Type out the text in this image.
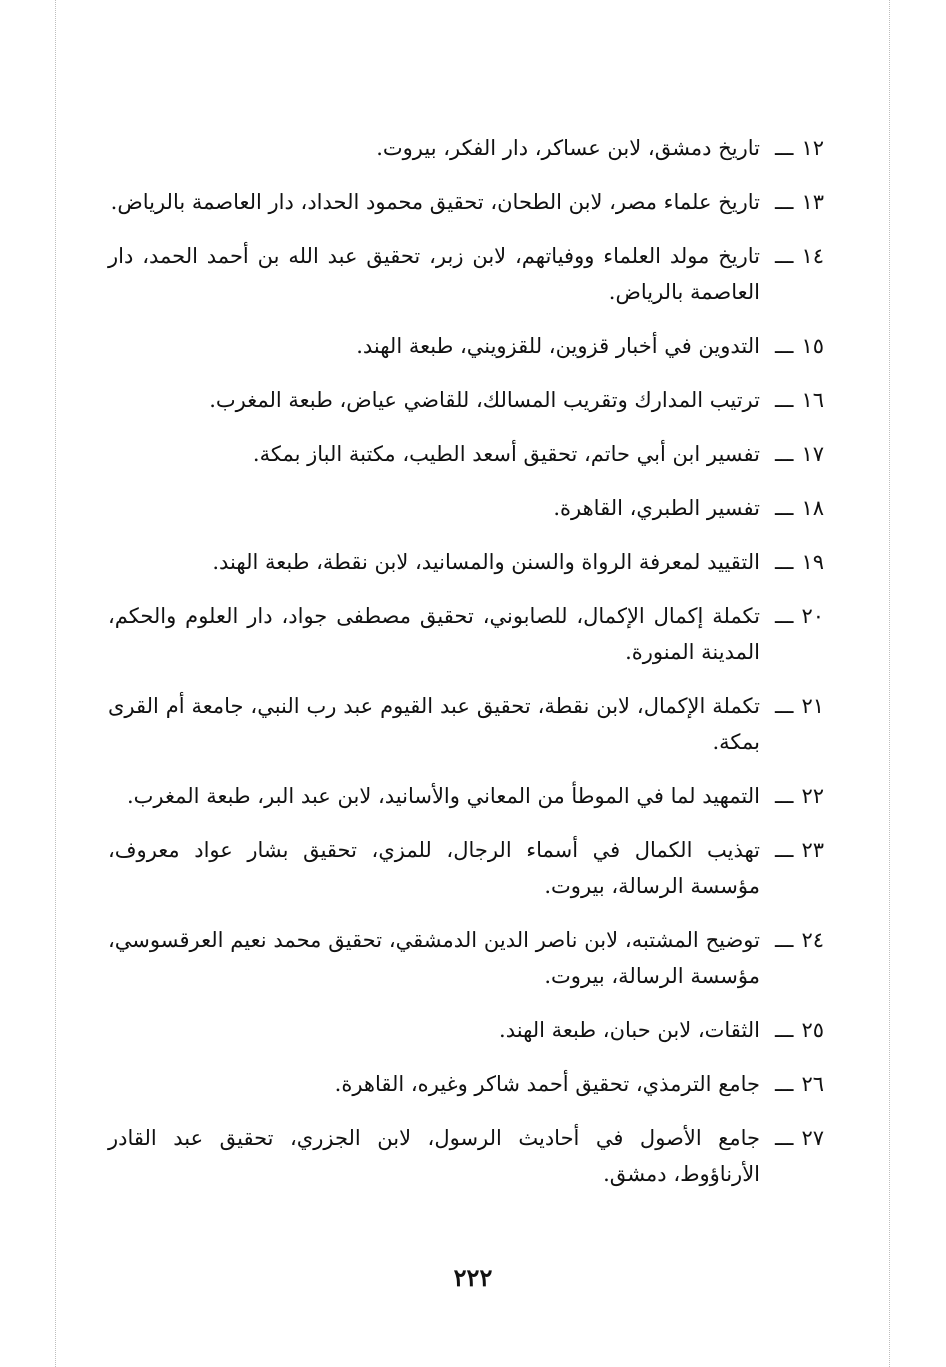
١٢ـــ
تاريخ دمشق، لابن عساكر، دار الفكر، بيروت.
١٣ـــ
تاريخ علماء مصر، لابن الطحان، تحقيق محمود الحداد، دار العاصمة بالرياض.
١٤ـــ
تاريخ مولد العلماء ووفياتهم، لابن زبر، تحقيق عبد الله بن أحمد الحمد، دار العاصمة بالرياض.
١٥ـــ
التدوين في أخبار قزوين، للقزويني، طبعة الهند.
١٦ـــ
ترتيب المدارك وتقريب المسالك، للقاضي عياض، طبعة المغرب.
١٧ـــ
تفسير ابن أبي حاتم، تحقيق أسعد الطيب، مكتبة الباز بمكة.
١٨ـــ
تفسير الطبري، القاهرة.
١٩ـــ
التقييد لمعرفة الرواة والسنن والمسانيد، لابن نقطة، طبعة الهند.
٢٠ـــ
تكملة إكمال الإكمال، للصابوني، تحقيق مصطفى جواد، دار العلوم والحكم، المدينة المنورة.
٢١ـــ
تكملة الإكمال، لابن نقطة، تحقيق عبد القيوم عبد رب النبي، جامعة أم القرى بمكة.
٢٢ـــ
التمهيد لما في الموطأ من المعاني والأسانيد، لابن عبد البر، طبعة المغرب.
٢٣ـــ
تهذيب الكمال في أسماء الرجال، للمزي، تحقيق بشار عواد معروف، مؤسسة الرسالة، بيروت.
٢٤ـــ
توضيح المشتبه، لابن ناصر الدين الدمشقي، تحقيق محمد نعيم العرقسوسي، مؤسسة الرسالة، بيروت.
٢٥ـــ
الثقات، لابن حبان، طبعة الهند.
٢٦ـــ
جامع الترمذي، تحقيق أحمد شاكر وغيره، القاهرة.
٢٧ـــ
جامع الأصول في أحاديث الرسول، لابن الجزري، تحقيق عبد القادر الأرناؤوط، دمشق.
٢٢٢
